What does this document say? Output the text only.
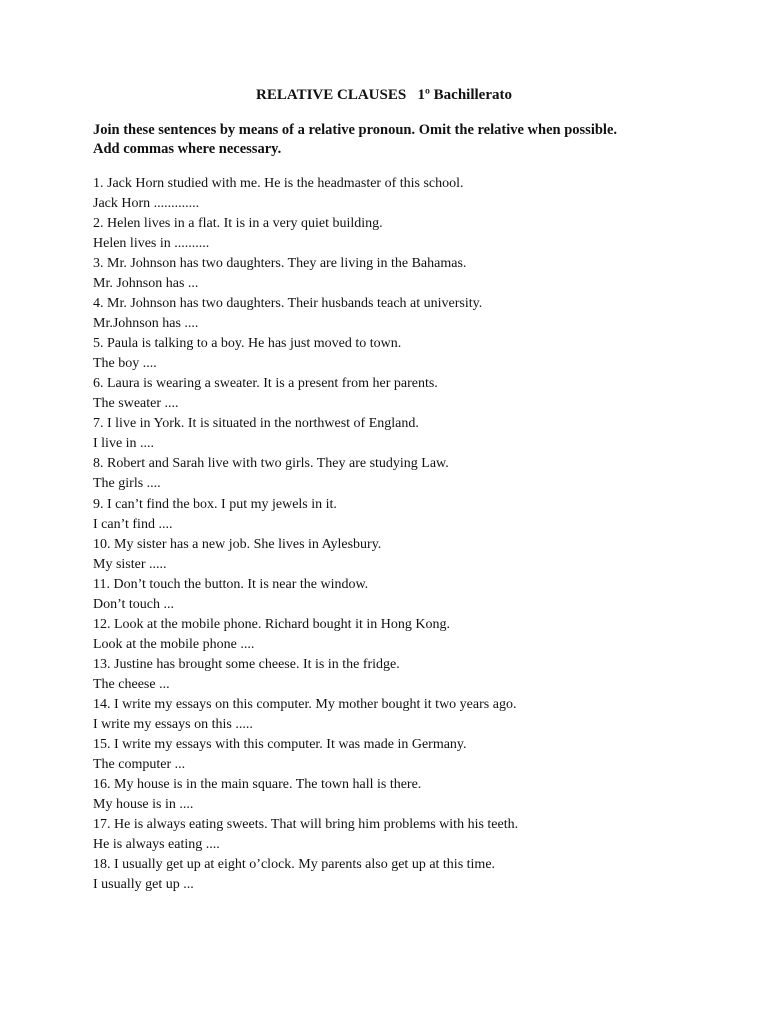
RELATIVE CLAUSES   1º Bachillerato
Join these sentences by means of a relative pronoun. Omit the relative when possible.
Add commas where necessary.
1. Jack Horn studied with me. He is the headmaster of this school.
Jack Horn .............
2. Helen lives in a flat. It is in a very quiet building.
Helen lives in ..........
3. Mr. Johnson has two daughters. They are living in the Bahamas.
Mr. Johnson has ...
4. Mr. Johnson has two daughters. Their husbands teach at university.
Mr.Johnson has ....
5. Paula is talking to a boy. He has just moved to town.
The boy ....
6. Laura is wearing a sweater. It is a present from her parents.
The sweater ....
7. I live in York. It is situated in the northwest of England.
I live in ....
8. Robert and Sarah live with two girls. They are studying Law.
The girls ....
9. I can’t find the box. I put my jewels in it.
I can’t find ....
10. My sister has a new job. She lives in Aylesbury.
My sister .....
11. Don’t touch the button. It is near the window.
Don’t touch ...
12. Look at the mobile phone. Richard bought it in Hong Kong.
Look at the mobile phone ....
13. Justine has brought some cheese. It is in the fridge.
The cheese ...
14. I write my essays on this computer. My mother bought it two years ago.
I write my essays on this .....
15. I write my essays with this computer. It was made in Germany.
The computer ...
16. My house is in the main square. The town hall is there.
My house is in ....
17. He is always eating sweets. That will bring him problems with his teeth.
He is always eating ....
18. I usually get up at eight o’clock. My parents also get up at this time.
I usually get up ...
